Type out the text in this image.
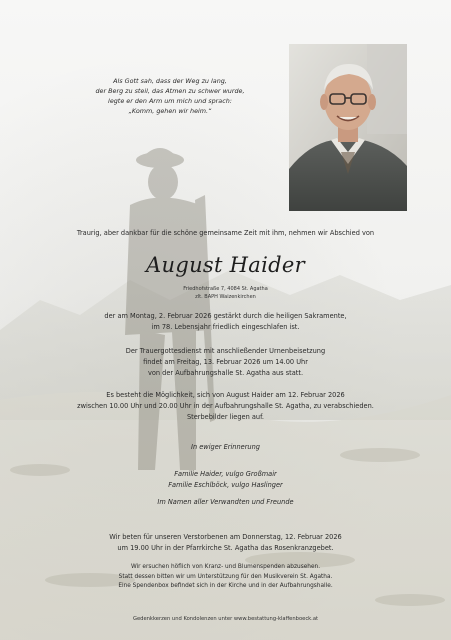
Als Gott sah, dass der Weg zu lang,
der Berg zu steil, das Atmen zu schwer wurde,
legte er den Arm um mich und sprach:
„Komm, gehen wir heim.“
Traurig, aber dankbar für die schöne gemeinsame Zeit mit ihm, nehmen wir Abschied von
August Haider
Friedhofstraße 7, 4084 St. Agatha
zlt. BAPH Waizenkirchen
der am Montag, 2. Februar 2026 gestärkt durch die heiligen Sakramente,
im 78. Lebensjahr friedlich eingeschlafen ist.
Der Trauergottesdienst mit anschließender Urnenbeisetzung
findet am Freitag, 13. Februar 2026 um 14.00 Uhr
von der Aufbahrungshalle St. Agatha aus statt.
Es besteht die Möglichkeit, sich von August Haider am 12. Februar 2026
zwischen 10.00 Uhr und 20.00 Uhr in der Aufbahrungshalle St. Agatha, zu verabschieden.
Sterbebilder liegen auf.
In ewiger Erinnerung
Familie Haider, vulgo Großmair
Familie Eschlböck, vulgo Haslinger
Im Namen aller Verwandten und Freunde
Wir beten für unseren Verstorbenen am Donnerstag, 12. Februar 2026
um 19.00 Uhr in der Pfarrkirche St. Agatha das Rosenkranzgebet.
Wir ersuchen höflich von Kranz- und Blumenspenden abzusehen.
Statt dessen bitten wir um Unterstützung für den Musikverein St. Agatha.
Eine Spendenbox befindet sich in der Kirche und in der Aufbahrungshalle.
Gedenkkerzen und Kondolenzen unter www.bestattung-klaffenboeck.at
